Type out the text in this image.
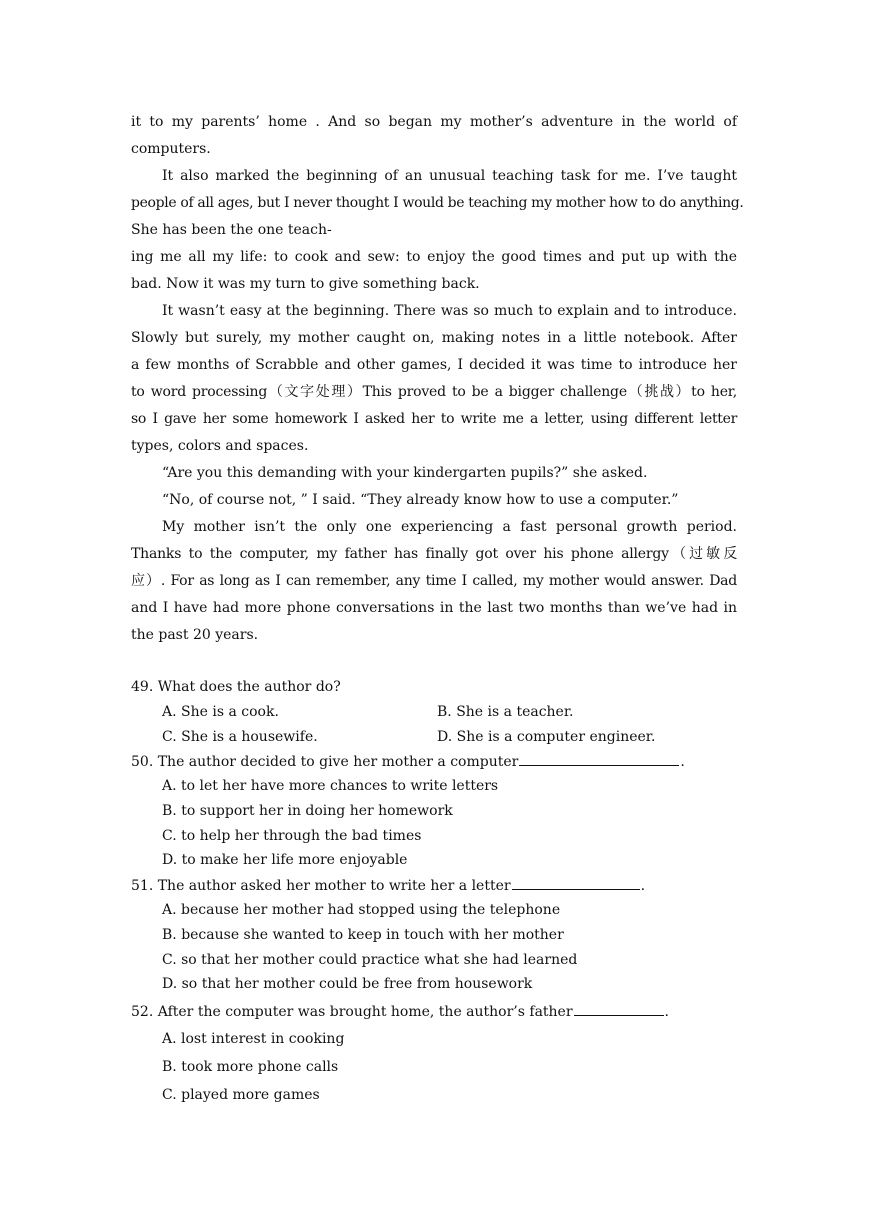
it to my parents’ home . And so began my mother’s adventure in the world of
computers.
It also marked the beginning of an unusual teaching task for me. I’ve taught
people of all ages, but I never thought I would be teaching my mother how to do anything.
She has been the one teach-
ing me all my life: to cook and sew: to enjoy the good times and put up with the
bad. Now it was my turn to give something back.
It wasn’t easy at the beginning. There was so much to explain and to introduce.
Slowly but surely, my mother caught on, making notes in a little notebook. After
a few months of Scrabble and other games, I decided it was time to introduce her
to word processing（文字处理）This proved to be a bigger challenge（挑战）to her,
so I gave her some homework I asked her to write me a letter, using different letter
types, colors and spaces.
“Are you this demanding with your kindergarten pupils?” she asked.
“No, of course not, ” I said. “They already know how to use a computer.”
My mother isn’t the only one experiencing a fast personal growth period.
Thanks to the computer, my father has finally got over his phone allergy（过敏反
应）. For as long as I can remember, any time I called, my mother would answer. Dad
and I have had more phone conversations in the last two months than we’ve had in
the past 20 years.
49. What does the author do?
A. She is a cook.	B. She is a teacher.
C. She is a housewife.	D. She is a computer engineer.
50. The author decided to give her mother a computer	.
A. to let her have more chances to write letters
B. to support her in doing her homework
C. to help her through the bad times
D. to make her life more enjoyable
51. The author asked her mother to write her a letter	.
A. because her mother had stopped using the telephone
B. because she wanted to keep in touch with her mother
C. so that her mother could practice what she had learned
D. so that her mother could be free from housework
52. After the computer was brought home, the author’s father	.
A. lost interest in cooking
B. took more phone calls
C. played more games
